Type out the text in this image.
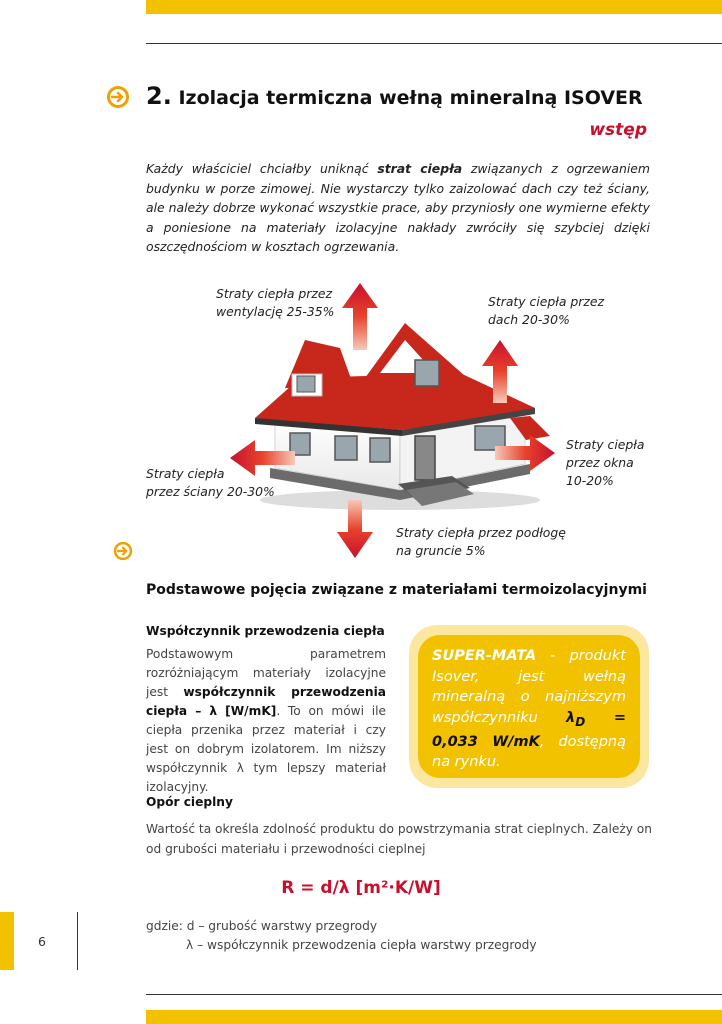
2. Izolacja termiczna wełną mineralną ISOVER
wstęp
Każdy właściciel chciałby uniknąć strat ciepła związanych z ogrzewaniem budynku w porze zimowej. Nie wystarczy tylko zaizolować dach czy też ściany, ale należy dobrze wykonać wszystkie prace, aby przyniosły one wymierne efekty a poniesione na materiały izolacyjne nakłady zwróciły się szybciej dzięki oszczędnościom w kosztach ogrzewania.
Straty ciepła przez
wentylację 25-35%
Straty ciepła przez
dach 20-30%
Straty ciepła
przez okna
10-20%
Straty ciepła
przez ściany 20-30%
Straty ciepła przez podłogę
na gruncie 5%
Podstawowe pojęcia związane z materiałami termoizolacyjnymi
Współczynnik przewodzenia ciepła
Podstawowym parametrem rozróżniającym materiały izolacyjne jest współczynnik przewodzenia ciepła – λ [W/mK]. To on mówi ile ciepła przenika przez materiał i czy jest on dobrym izolatorem. Im niższy współczynnik λ tym lepszy materiał izolacyjny.
SUPER-MATA - produkt Isover, jest wełną mineralną o najniższym współczynniku $\lambda_D = 0,033$ W/mK, dostępną na rynku.
Opór cieplny
Wartość ta określa zdolność produktu do powstrzymania strat cieplnych. Zależy on od grubości materiału i przewodności cieplnej
R = d/λ [m²·K/W]
gdzie: d – grubość warstwy przegrody
λ – współczynnik przewodzenia ciepła warstwy przegrody
6
